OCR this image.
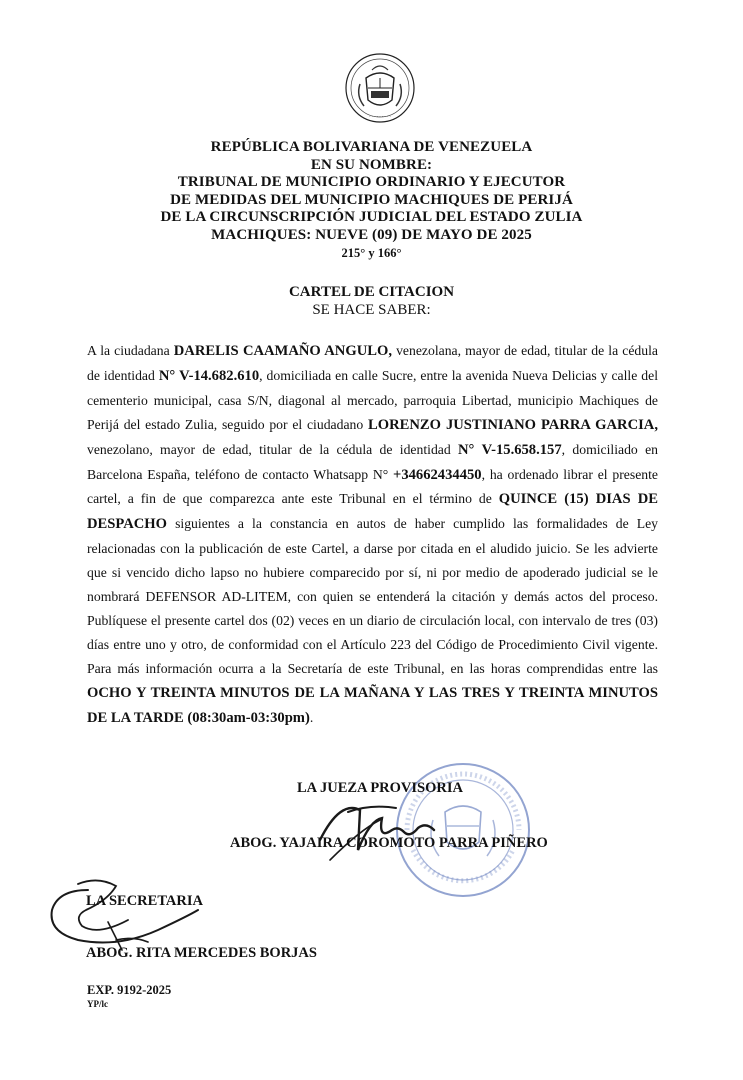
· · · · · · · · ·
REPÚBLICA BOLIVARIANA DE VENEZUELA
EN SU NOMBRE:
TRIBUNAL DE MUNICIPIO ORDINARIO Y EJECUTOR
DE MEDIDAS DEL MUNICIPIO MACHIQUES DE PERIJÁ
DE LA CIRCUNSCRIPCIÓN JUDICIAL DEL ESTADO ZULIA
MACHIQUES: NUEVE (09) DE MAYO DE 2025
215° y 166°
CARTEL DE CITACION
SE HACE SABER:

A la ciudadana DARELIS CAAMAÑO ANGULO, venezolana, mayor de edad, titular de la cédula de identidad N° V-14.682.610, domiciliada en calle Sucre, entre la avenida Nueva Delicias y calle del cementerio municipal, casa S/N, diagonal al mercado, parroquia Libertad, municipio Machiques de Perijá del estado Zulia, seguido por el ciudadano LORENZO JUSTINIANO PARRA GARCIA, venezolano, mayor de edad, titular de la cédula de identidad N° V-15.658.157, domiciliado en Barcelona España, teléfono de contacto Whatsapp N° +34662434450, ha ordenado librar el presente cartel, a fin de que comparezca ante este Tribunal en el término de QUINCE (15) DIAS DE DESPACHO siguientes a la constancia en autos de haber cumplido las formalidades de Ley relacionadas con la publicación de este Cartel, a darse por citada en el aludido juicio. Se les advierte que si vencido dicho lapso no hubiere comparecido por sí, ni por medio de apoderado judicial se le nombrará DEFENSOR AD-LITEM, con quien se entenderá la citación y demás actos del proceso. Publíquese el presente cartel dos (02) veces en un diario de circulación local, con intervalo de tres (03) días entre uno y otro, de conformidad con el Artículo 223 del Código de Procedimiento Civil vigente. Para más información ocurra a la Secretaría de este Tribunal, en las horas comprendidas entre las OCHO Y TREINTA MINUTOS DE LA MAÑANA Y LAS TRES Y TREINTA MINUTOS DE LA TARDE (08:30am-03:30pm).

LA JUEZA PROVISORIA
ABOG. YAJAIRA COROMOTO PARRA PIÑERO
LA SECRETARIA
ABOG. RITA MERCEDES BORJAS
EXP. 9192-2025
YP/lc
